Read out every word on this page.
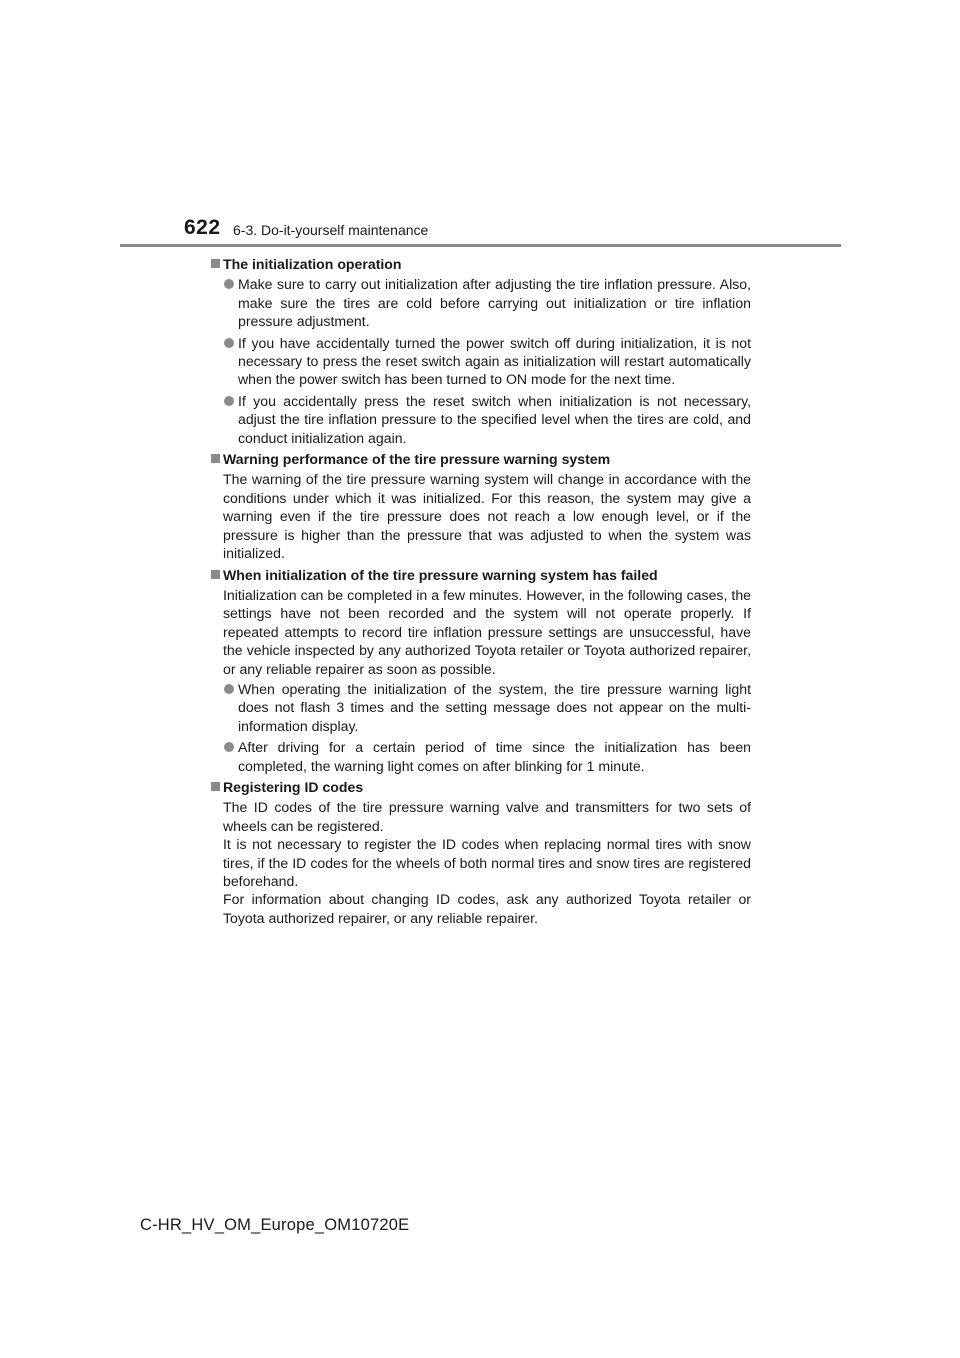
622 6-3. Do-it-yourself maintenance
The initialization operation
Make sure to carry out initialization after adjusting the tire inflation pressure. Also, make sure the tires are cold before carrying out initialization or tire inflation pressure adjustment.
If you have accidentally turned the power switch off during initialization, it is not necessary to press the reset switch again as initialization will restart automatically when the power switch has been turned to ON mode for the next time.
If you accidentally press the reset switch when initialization is not necessary, adjust the tire inflation pressure to the specified level when the tires are cold, and conduct initialization again.
Warning performance of the tire pressure warning system
The warning of the tire pressure warning system will change in accordance with the conditions under which it was initialized. For this reason, the system may give a warning even if the tire pressure does not reach a low enough level, or if the pressure is higher than the pressure that was adjusted to when the system was initialized.
When initialization of the tire pressure warning system has failed
Initialization can be completed in a few minutes. However, in the following cases, the settings have not been recorded and the system will not operate properly. If repeated attempts to record tire inflation pressure settings are unsuccessful, have the vehicle inspected by any authorized Toyota retailer or Toyota authorized repairer, or any reliable repairer as soon as possible.
When operating the initialization of the system, the tire pressure warning light does not flash 3 times and the setting message does not appear on the multi-information display.
After driving for a certain period of time since the initialization has been completed, the warning light comes on after blinking for 1 minute.
Registering ID codes
The ID codes of the tire pressure warning valve and transmitters for two sets of wheels can be registered.
It is not necessary to register the ID codes when replacing normal tires with snow tires, if the ID codes for the wheels of both normal tires and snow tires are registered beforehand.
For information about changing ID codes, ask any authorized Toyota retailer or Toyota authorized repairer, or any reliable repairer.
C-HR_HV_OM_Europe_OM10720E
